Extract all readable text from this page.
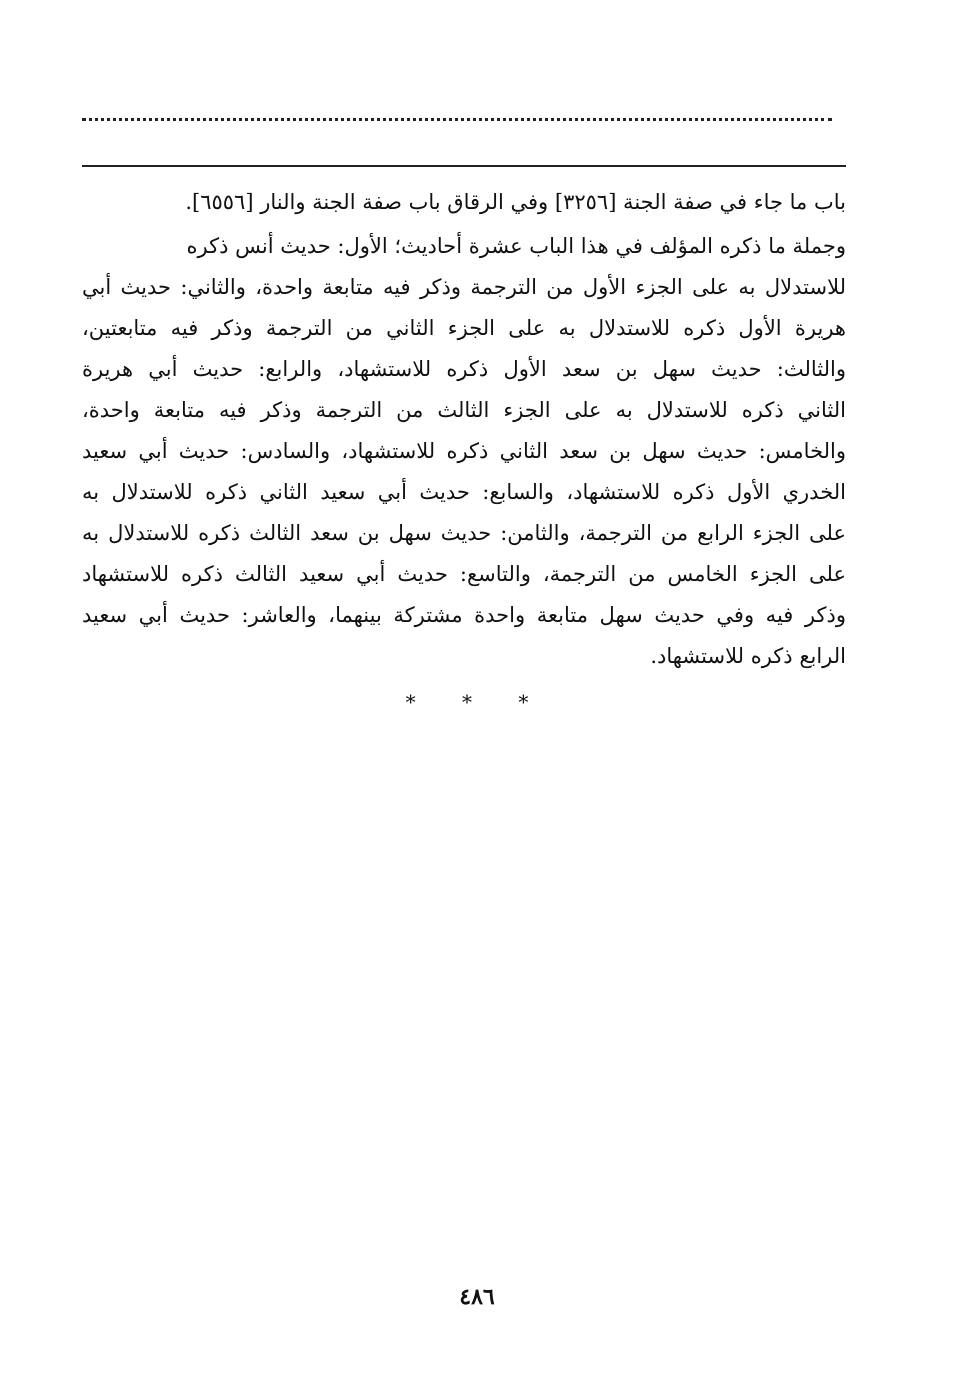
باب ما جاء في صفة الجنة [٣٢٥٦] وفي الرقاق باب صفة الجنة والنار [٦٥٥٦].
وجملة ما ذكره المؤلف في هذا الباب عشرة أحاديث؛ الأول: حديث أنس ذكره
للاستدلال به على الجزء الأول من الترجمة وذكر فيه متابعة واحدة، والثاني: حديث أبي
هريرة الأول ذكره للاستدلال به على الجزء الثاني من الترجمة وذكر فيه متابعتين،
والثالث: حديث سهل بن سعد الأول ذكره للاستشهاد، والرابع: حديث أبي هريرة
الثاني ذكره للاستدلال به على الجزء الثالث من الترجمة وذكر فيه متابعة واحدة،
والخامس: حديث سهل بن سعد الثاني ذكره للاستشهاد، والسادس: حديث أبي سعيد
الخدري الأول ذكره للاستشهاد، والسابع: حديث أبي سعيد الثاني ذكره للاستدلال به
على الجزء الرابع من الترجمة، والثامن: حديث سهل بن سعد الثالث ذكره للاستدلال به
على الجزء الخامس من الترجمة، والتاسع: حديث أبي سعيد الثالث ذكره للاستشهاد
وذكر فيه وفي حديث سهل متابعة واحدة مشتركة بينهما، والعاشر: حديث أبي سعيد
الرابع ذكره للاستشهاد.
* * *
٤٨٦
